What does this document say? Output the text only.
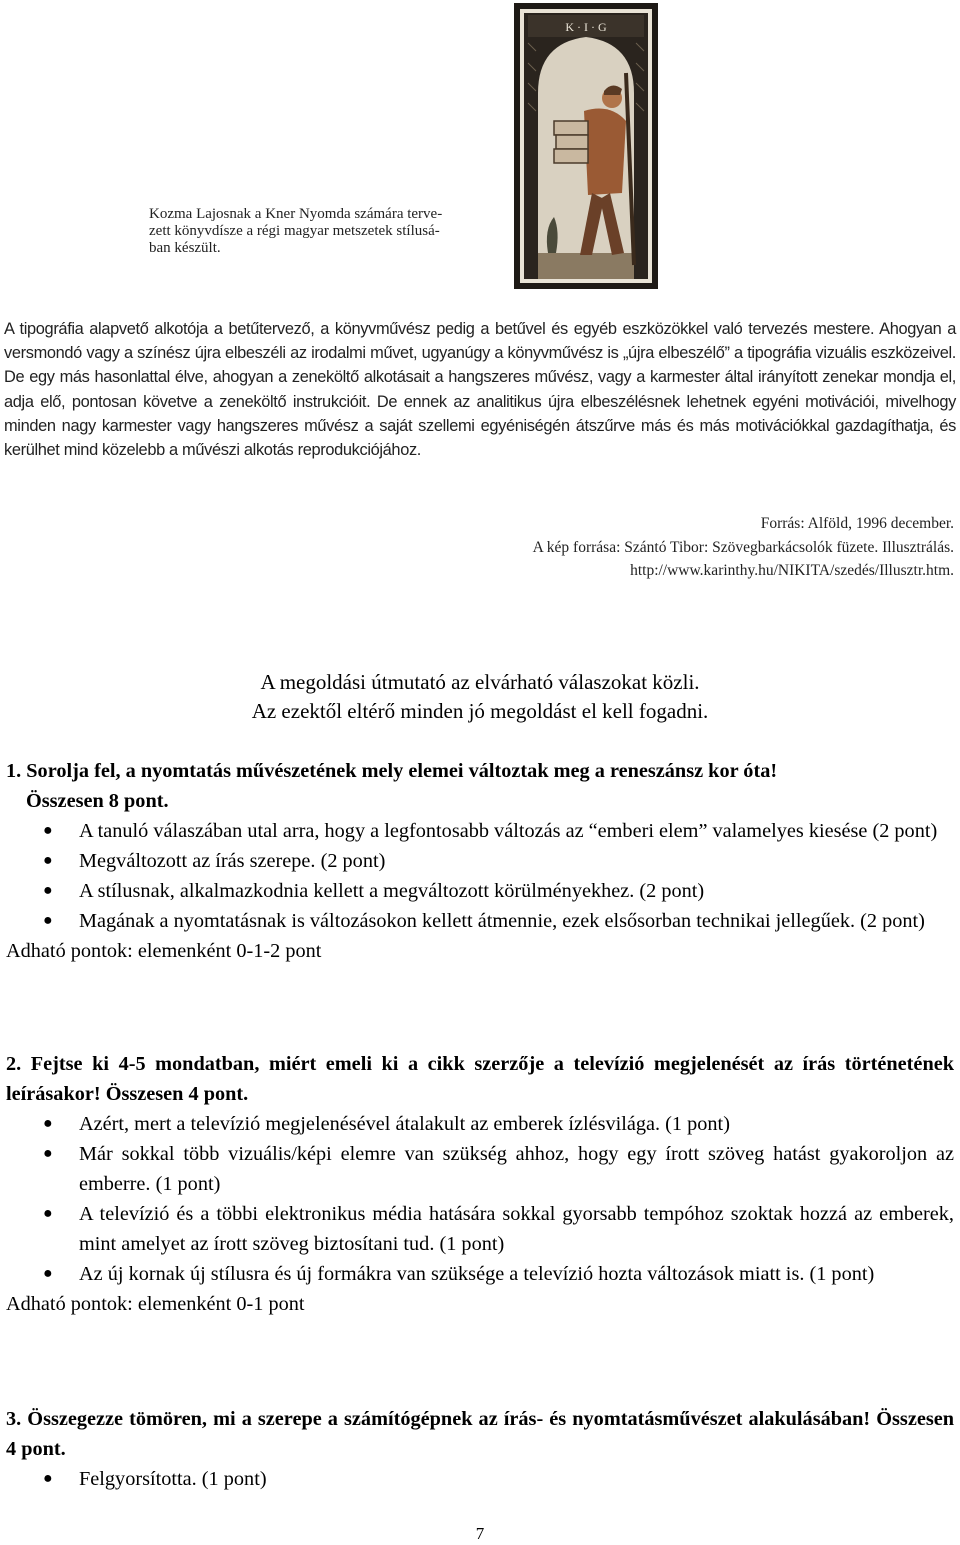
K · I · G
Kozma Lajosnak a Kner Nyomda számára terve-
zett könyvdísze a régi magyar metszetek stílusá-
ban készült.

A tipográfia alapvető alkotója a betűtervező, a könyvművész pedig a betűvel és egyéb eszközökkel való tervezés mestere. Ahogyan a versmondó vagy a színész újra elbeszéli az irodalmi művet, ugyanúgy a könyvművész is „újra elbeszélő” a tipográfia vizuális eszközeivel. De egy más hasonlattal élve, ahogyan a zeneköltő alkotásait a hangszeres művész, vagy a karmester által irányított zenekar mondja el, adja elő, pontosan követve a zeneköltő instrukcióit. De ennek az analitikus újra elbeszélésnek lehetnek egyéni motivációi, mivelhogy minden nagy karmester vagy hangszeres művész a saját szellemi egyéniségén átszűrve más és más motivációkkal gazdagíthatja, és kerülhet mind közelebb a művészi alkotás reprodukciójához.

Forrás: Alföld, 1996 december.
A kép forrása: Szántó Tibor: Szövegbarkácsolók füzete. Illusztrálás.
http://www.karinthy.hu/NIKITA/szedés/Illusztr.htm.
A megoldási útmutató az elvárható válaszokat közli.
Az ezektől eltérő minden jó megoldást el kell fogadni.
1. Sorolja fel, a nyomtatás művészetének mely elemei változtak meg a reneszánsz kor óta!
Összesen 8 pont.
● A tanuló válaszában utal arra, hogy a legfontosabb változás az “emberi elem” valamelyes kiesése (2 pont)
● Megváltozott az írás szerepe. (2 pont)
● A stílusnak, alkalmazkodnia kellett a megváltozott körülményekhez. (2 pont)
● Magának a nyomtatásnak is változásokon kellett átmennie, ezek elsősorban technikai jellegűek. (2 pont)
Adható pontok: elemenként 0-1-2 pont
2. Fejtse ki 4-5 mondatban, miért emeli ki a cikk szerzője a televízió megjelenését az írás történetének leírásakor! Összesen 4 pont.
● Azért, mert a televízió megjelenésével átalakult az emberek ízlésvilága. (1 pont)
● Már sokkal több vizuális/képi elemre van szükség ahhoz, hogy egy írott szöveg hatást gyakoroljon az emberre. (1 pont)
● A televízió és a többi elektronikus média hatására sokkal gyorsabb tempóhoz szoktak hozzá az emberek, mint amelyet az írott szöveg biztosítani tud. (1 pont)
● Az új kornak új stílusra és új formákra van szüksége a televízió hozta változások miatt is. (1 pont)
Adható pontok: elemenként 0-1 pont
3. Összegezze tömören, mi a szerepe a számítógépnek az írás- és nyomtatásművészet alakulásában! Összesen 4 pont.
● Felgyorsította. (1 pont)
7
